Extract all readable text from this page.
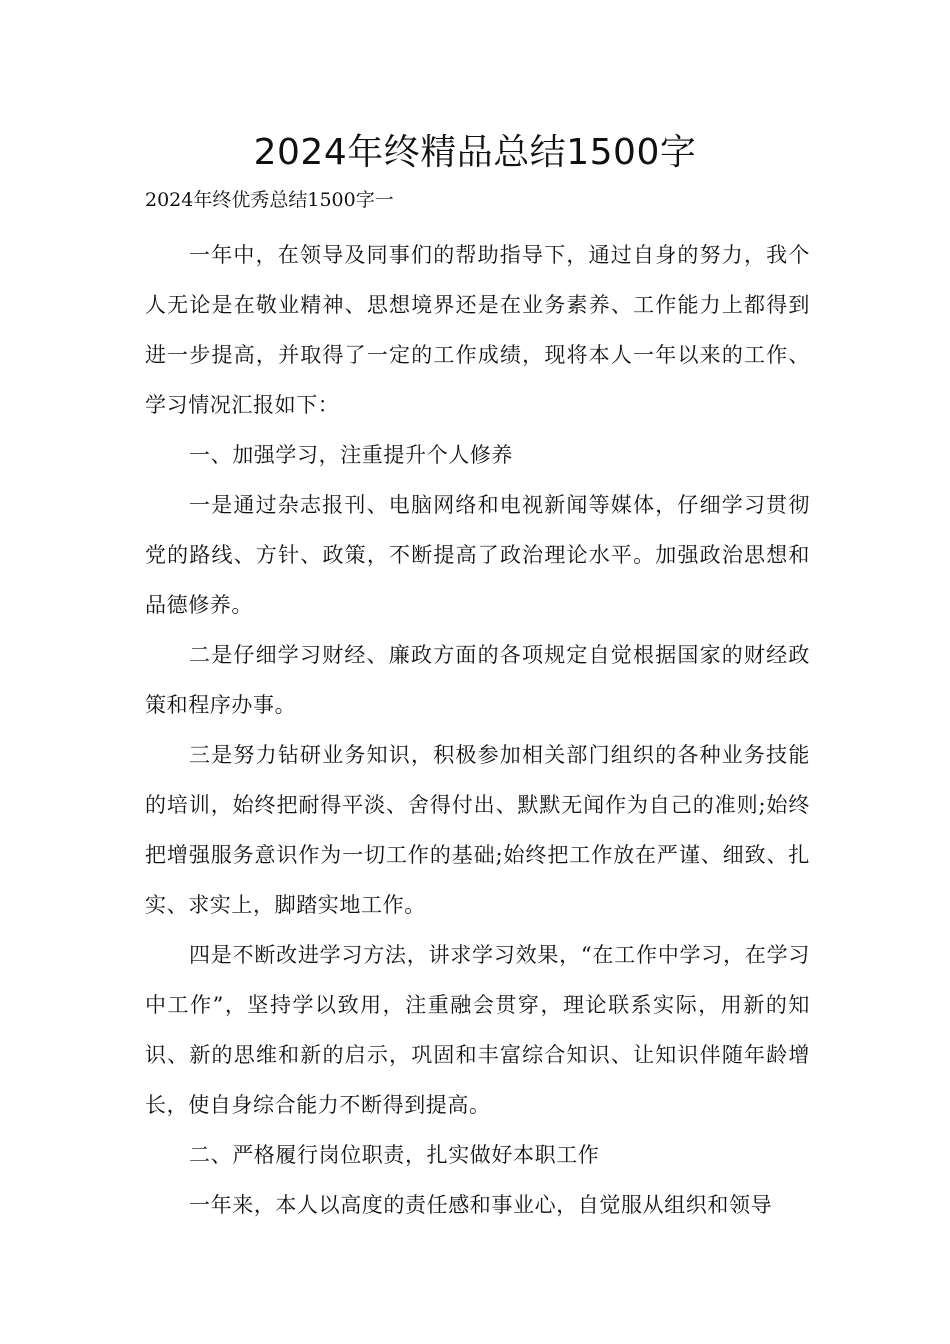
2024年终精品总结1500字

2024年终优秀总结1500字一

一年中，在领导及同事们的帮助指导下，通过自身的努力，我个人无论是在敬业精神、思想境界还是在业务素养、工作能力上都得到进一步提高，并取得了一定的工作成绩，现将本人一年以来的工作、学习情况汇报如下：

一、加强学习，注重提升个人修养

一是通过杂志报刊、电脑网络和电视新闻等媒体，仔细学习贯彻党的路线、方针、政策，不断提高了政治理论水平。加强政治思想和品德修养。

二是仔细学习财经、廉政方面的各项规定自觉根据国家的财经政策和程序办事。

三是努力钻研业务知识，积极参加相关部门组织的各种业务技能的培训，始终把耐得平淡、舍得付出、默默无闻作为自己的准则;始终把增强服务意识作为一切工作的基础;始终把工作放在严谨、细致、扎实、求实上，脚踏实地工作。

四是不断改进学习方法，讲求学习效果，“在工作中学习，在学习中工作”，坚持学以致用，注重融会贯穿，理论联系实际，用新的知识、新的思维和新的启示，巩固和丰富综合知识、让知识伴随年龄增长，使自身综合能力不断得到提高。

二、严格履行岗位职责，扎实做好本职工作

一年来，本人以高度的责任感和事业心，自觉服从组织和领导
